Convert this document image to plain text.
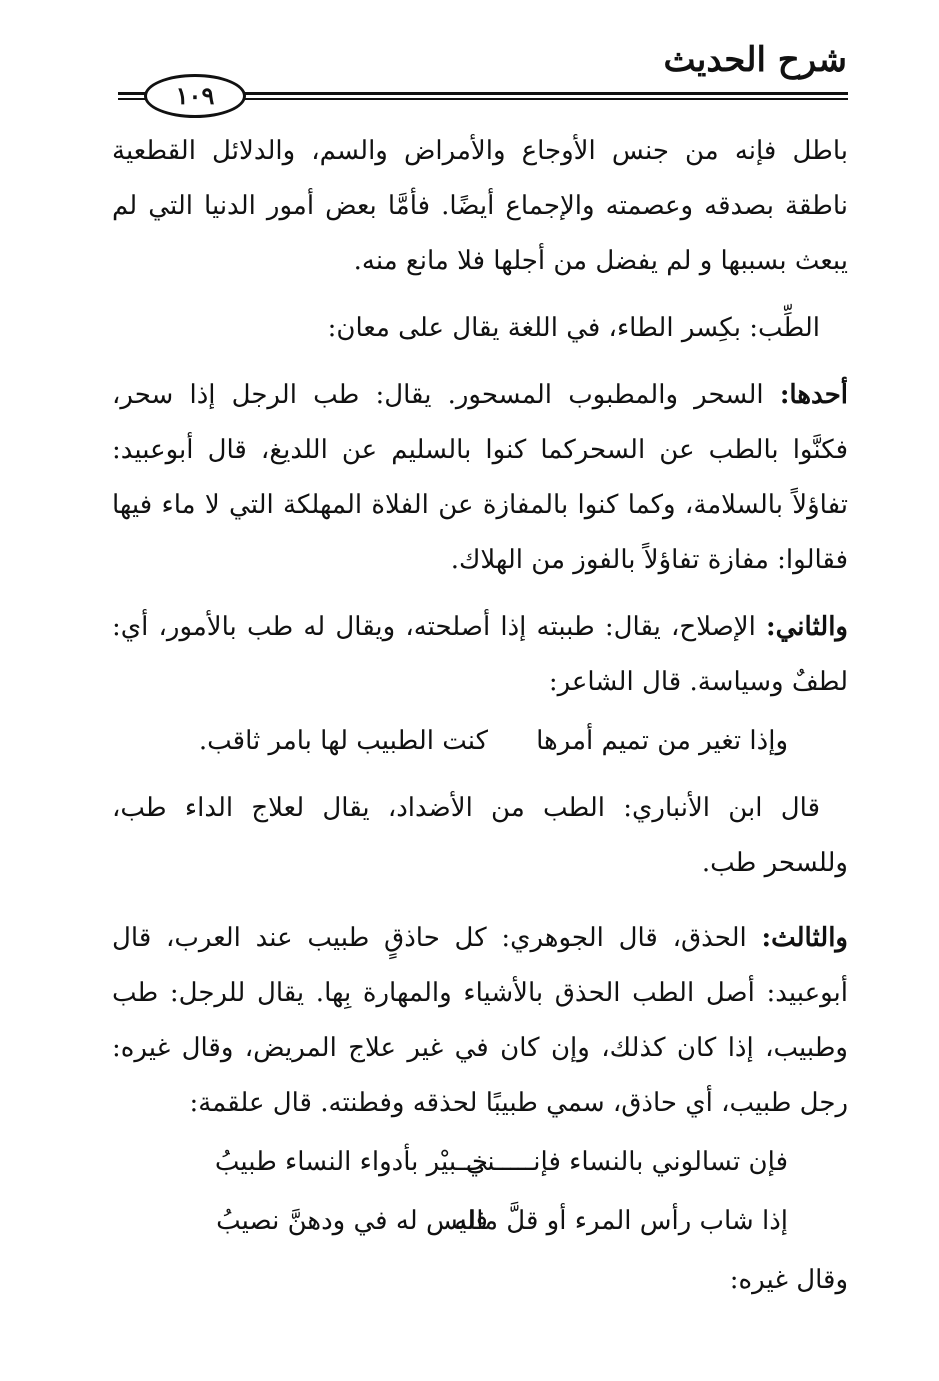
شرح الحديث
١٠٩

باطل فإنه من جنس الأوجاع والأمراض والسم، والدلائل القطعية ناطقة بصدقه وعصمته والإجماع أيضًا. فأمَّا بعض أمور الدنيا التي لم يبعث بسببها و لم يفضل من أجلها فلا مانع منه.

الطِّب: بكِسر الطاء، في اللغة يقال على معان:

أحدها: السحر والمطبوب المسحور. يقال: طب الرجل إذا سحر، فكنَّوا بالطب عن السحركما كنوا بالسليم عن اللديغ، قال أبوعبيد: تفاؤلاً بالسلامة، وكما كنوا بالمفازة عن الفلاة المهلكة التي لا ماء فيها فقالوا: مفازة تفاؤلاً بالفوز من الهلاك.

والثاني: الإصلاح، يقال: طببته إذا أصلحته، ويقال له طب بالأمور، أي: لطفٌ وسياسة. قال الشاعر:

وإذا تغير من تميم أمرها
كنت الطبيب لها بامر ثاقب.

قال ابن الأنباري: الطب من الأضداد، يقال لعلاج الداء طب، وللسحر طب.

والثالث: الحذق، قال الجوهري: كل حاذقٍ طبيب عند العرب، قال أبوعبيد: أصل الطب الحذق بالأشياء والمهارة بِها. يقال للرجل: طب وطبيب، إذا كان كذلك، وإن كان في غير علاج المريض، وقال غيره: رجل طبيب، أي حاذق، سمي طبيبًا لحذقه وفطنته. قال علقمة:

فإن تسالوني بالنساء فإنـــــني
خــبيْر بأدواء النساء طبيبُ
إذا شاب رأس المرء أو قلَّ ماله
فليس له في ودهنَّ نصيبُ

وقال غيره:
